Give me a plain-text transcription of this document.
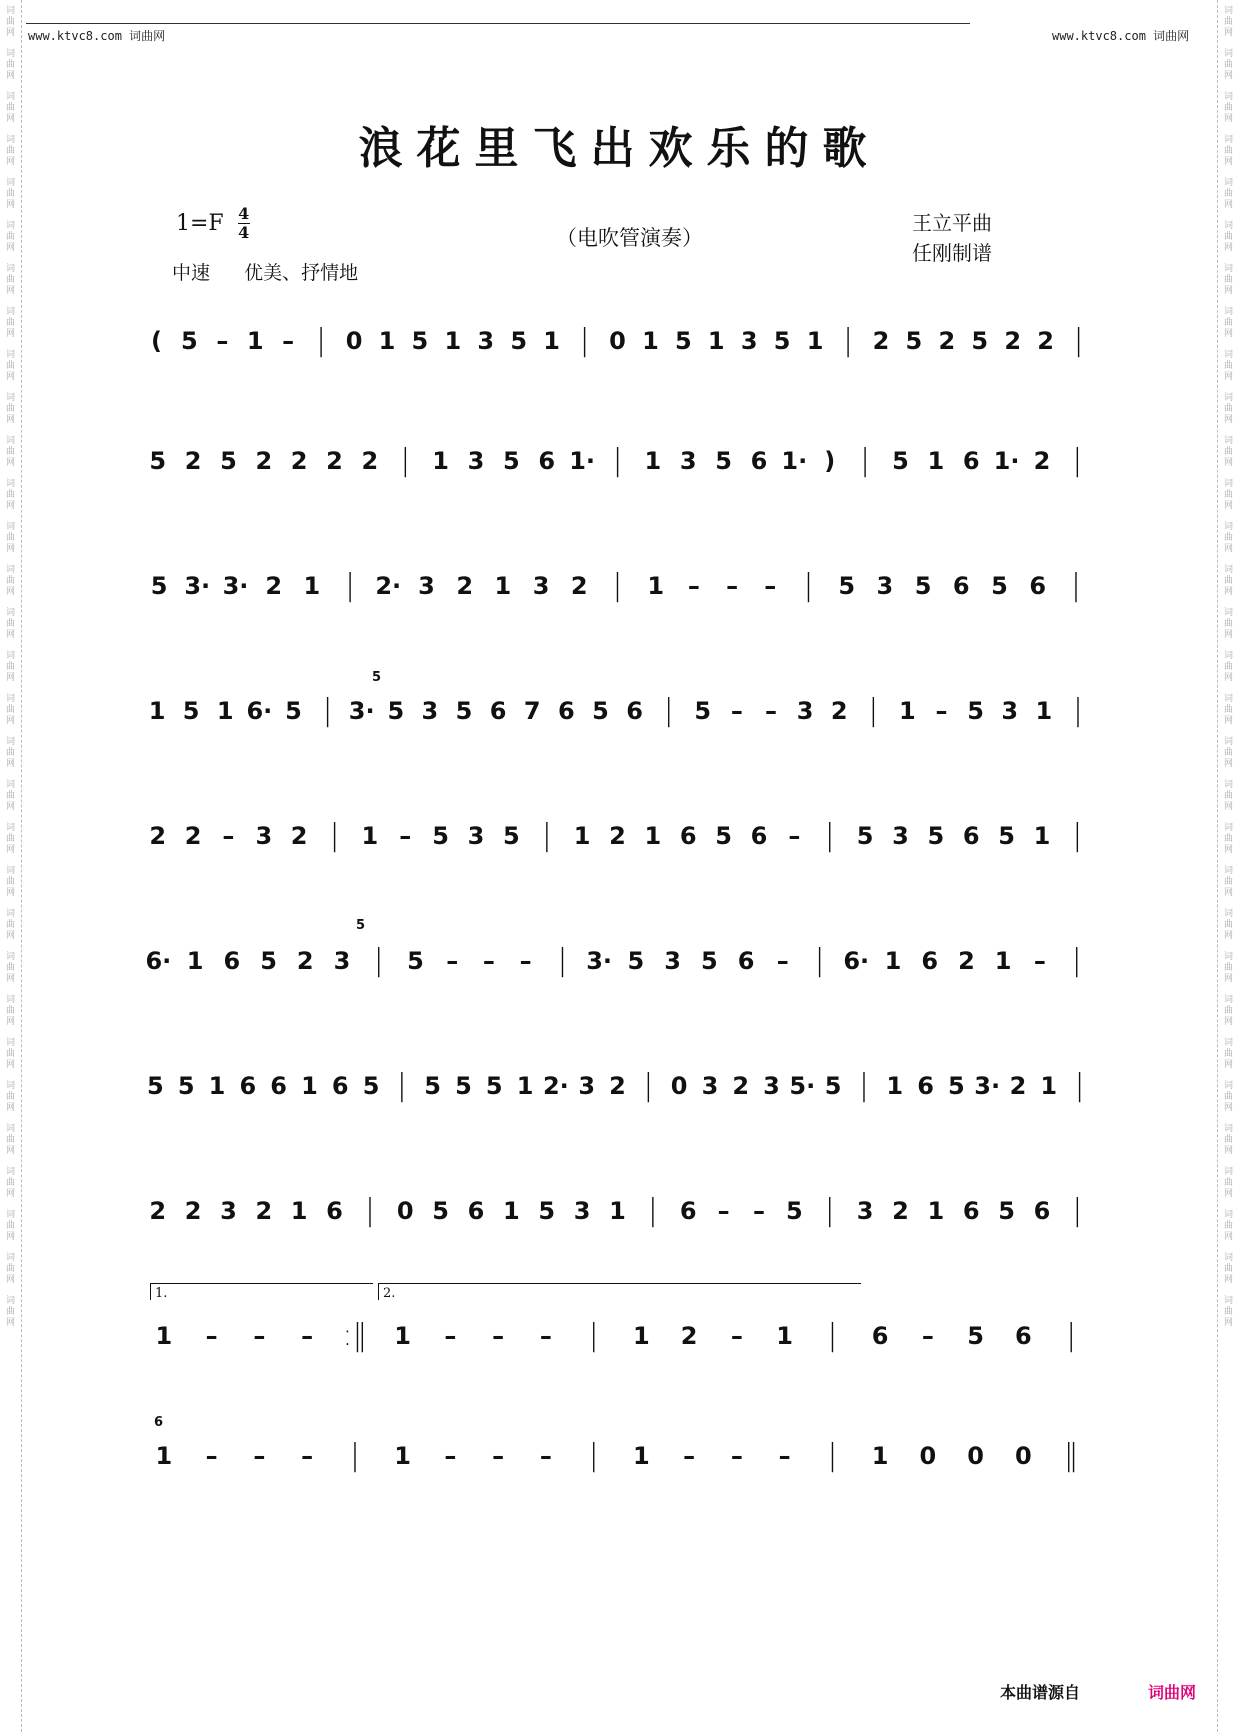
词
曲
网
词
曲
网
词
曲
网
词
曲
网
词
曲
网
词
曲
网
词
曲
网
词
曲
网
词
曲
网
词
曲
网
词
曲
网
词
曲
网
词
曲
网
词
曲
网
词
曲
网
词
曲
网
词
曲
网
词
曲
网
词
曲
网
词
曲
网
词
曲
网
词
曲
网
词
曲
网
词
曲
网
词
曲
网
词
曲
网
词
曲
网
词
曲
网
词
曲
网
词
曲
网
词
曲
网
词
曲
网
词
曲
网
词
曲
网
词
曲
网
词
曲
网
词
曲
网
词
曲
网
词
曲
网
词
曲
网
词
曲
网
词
曲
网
词
曲
网
词
曲
网
词
曲
网
词
曲
网
词
曲
网
词
曲
网
词
曲
网
词
曲
网
词
曲
网
词
曲
网
词
曲
网
词
曲
网
词
曲
网
词
曲
网
词
曲
网
词
曲
网
词
曲
网
词
曲
网
词
曲
网
词
曲
网
www.ktvc8.com 词曲网	www.ktvc8.com 词曲网
浪花里飞出欢乐的歌
1=F 4
4
中速 优美、抒情地
（电吹管演奏）
王立平曲
任刚制谱
( 5 – 1 – | 0 1 5 1 3 5 1 | 0 1 5 1 3 5 1 | 2 5 2 5 2 2 |
5 2 5 2 2 2 2 | 1 3 5 6 1· | 1 3 5 6 1· ) | 5 1 6 1· 2 |
5 3· 3· 2 1 | 2· 3 2 1 3 2 |	1 –	–	– |	5 3 5 6 5 6 |
1 5 1 6· 5 | 3· 5 3 5 6 7 6 5 6 | 5 – – 3 2 | 1 – 5 3 1 |
2 2 – 3 2 | 1 – 5 3 5 | 1 2 1 6 5 6 – | 5 3 5 6 5 1 |
6· 1 6 5 2 3 | 5 –	–	– | 3· 5 3 5 6 – | 6· 1 6 2 1 – |
5 5 1 6 6 1 6 5 | 5 5 5 1 2· 3 2 | 0 3 2 3 5· 5 | 1 6 5 3· 2 1 |
2 2 3 2 1 6 | 0 5 6 1 5 3 1 | 6 – – 5 | 3 2 1 6 5 6 |
1	–	–	– :‖	1	–	–	–	|	1	2	–	1	|	6	–	5	6	|
1	–	–	–	|	1	–	–	–	|	1	–	–	–	|	1	0	0	0	‖
1.	2.
5
5
6
本曲谱源自	词曲网
